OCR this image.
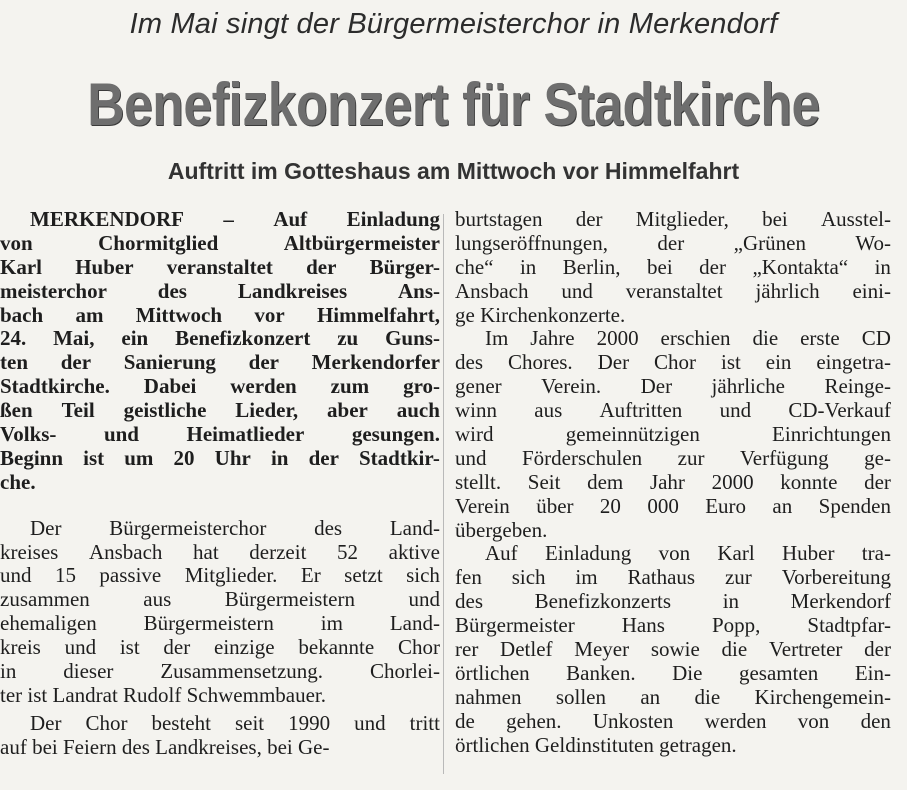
Im Mai singt der Bürgermeisterchor in Merkendorf
Benefizkonzert für Stadtkirche
Auftritt im Gotteshaus am Mittwoch vor Himmelfahrt
MERKENDORF – Auf Einladung
von	Chormitglied	Altbürgermeister
Karl Huber veranstaltet der Bürger-
meisterchor des Landkreises Ans-
bach am Mittwoch vor Himmelfahrt,
24. Mai, ein Benefizkonzert zu Guns-
ten der Sanierung der Merkendorfer
Stadtkirche. Dabei werden zum gro-
ßen Teil geistliche Lieder, aber auch
Volks- und Heimatlieder gesungen.
Beginn ist um 20 Uhr in der Stadtkir-
che.
Der Bürgermeisterchor des Land-
kreises Ansbach hat derzeit 52 aktive
und 15 passive Mitglieder. Er setzt sich
zusammen	aus	Bürgermeistern	und
ehemaligen Bürgermeistern im Land-
kreis und ist der einzige bekannte Chor
in dieser Zusammensetzung. Chorlei-
ter ist Landrat Rudolf Schwemmbauer.
Der Chor besteht seit 1990 und tritt
auf bei Feiern des Landkreises, bei Ge-
burtstagen der Mitglieder, bei Ausstel-
lungseröffnungen, der „Grünen Wo-
che“ in Berlin, bei der „Kontakta“ in
Ansbach und veranstaltet jährlich eini-
ge Kirchenkonzerte.
Im Jahre 2000 erschien die erste CD
des Chores. Der Chor ist ein eingetra-
gener Verein. Der jährliche Reinge-
winn aus Auftritten und CD-Verkauf
wird	gemeinnützigen	Einrichtungen
und Förderschulen zur Verfügung ge-
stellt. Seit dem Jahr 2000 konnte der
Verein über 20 000 Euro an Spenden
übergeben.
Auf Einladung von Karl Huber tra-
fen sich im Rathaus zur Vorbereitung
des Benefizkonzerts in Merkendorf
Bürgermeister Hans Popp, Stadtpfar-
rer Detlef Meyer sowie die Vertreter der
örtlichen Banken. Die gesamten Ein-
nahmen sollen an die Kirchengemein-
de gehen. Unkosten werden von den
örtlichen Geldinstituten getragen.
